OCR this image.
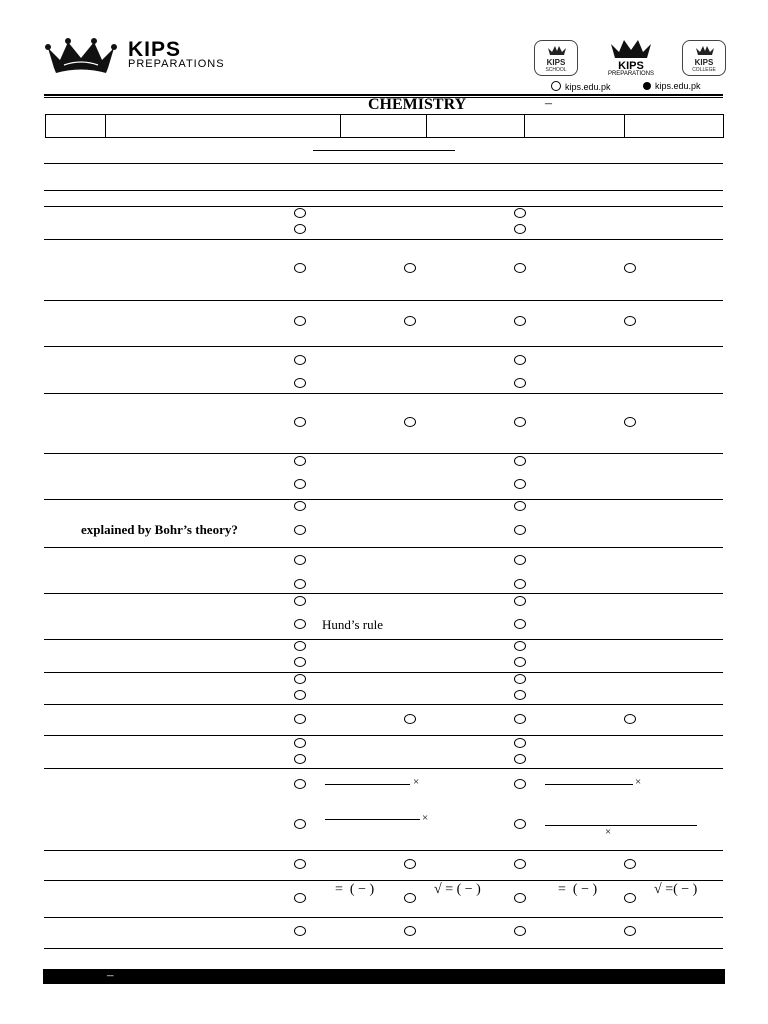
KIPS
PREPARATIONS	KIPS
SCHOOL	KIPS
PREPARATIONS
KIPS
COLLEGE
kips.edu.pk	kips.edu.pk
CHEMISTRY	–

explained by Bohr’s theory?
Hund’s rule
×	×
×
×
= ( − )	√ = ( − )	= ( − )	√ =( − )
–
